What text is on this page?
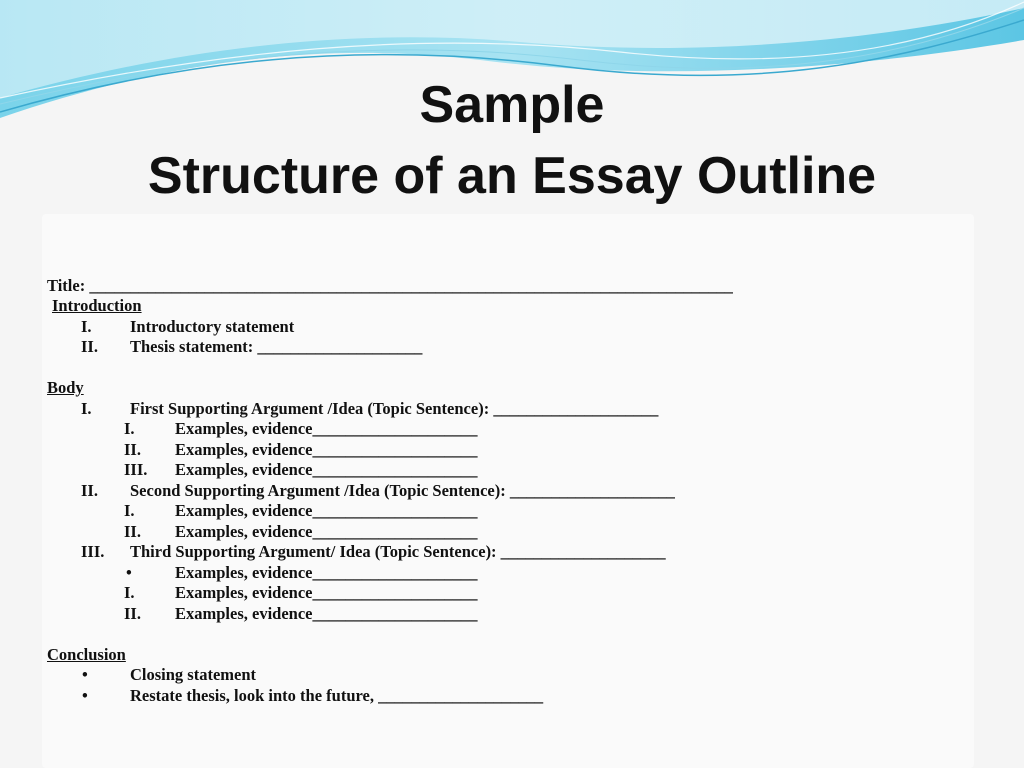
Sample
Structure of an Essay Outline
Title: ______________________________________________________________________________
Introduction
I. Introductory statement
II. Thesis statement: ____________________
Body
I. First Supporting Argument /Idea (Topic Sentence): ____________________
I. Examples, evidence____________________
II. Examples, evidence____________________
III. Examples, evidence____________________
II. Second Supporting Argument /Idea (Topic Sentence): ____________________
I. Examples, evidence____________________
II. Examples, evidence____________________
III. Third Supporting Argument/ Idea (Topic Sentence): ____________________
•	Examples, evidence____________________
I. Examples, evidence____________________
II. Examples, evidence____________________
Conclusion
•	Closing statement
•	Restate thesis, look into the future, ____________________
